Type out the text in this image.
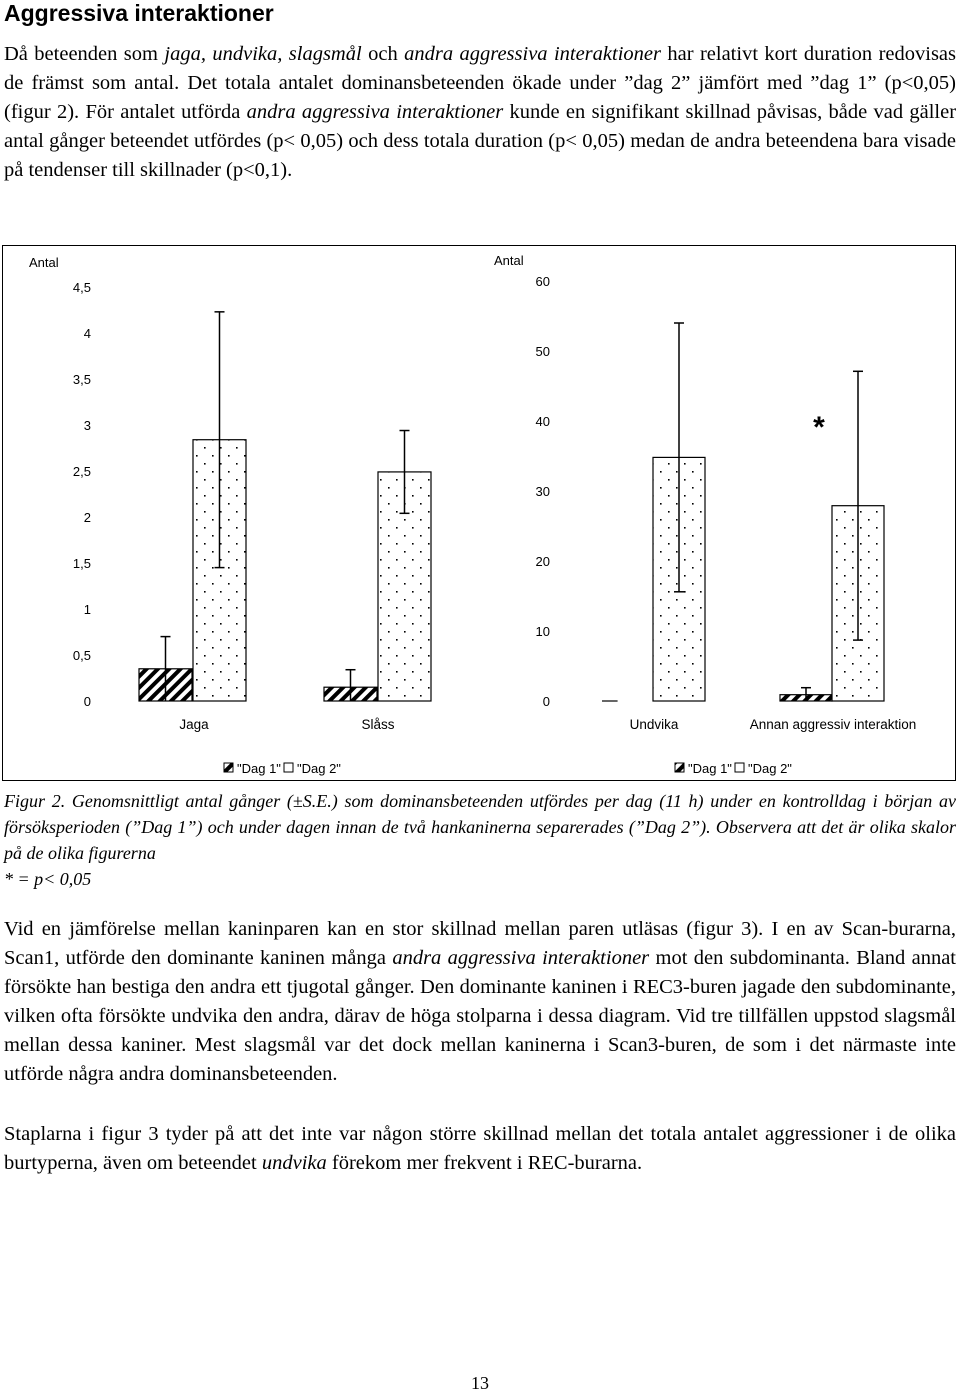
Aggressiva interaktioner

Då beteenden som jaga, undvika, slagsmål och andra aggressiva interaktioner har relativt kort duration redovisas de främst som antal. Det totala antalet dominansbeteenden ökade under ”dag 2” jämfört med ”dag 1” (p<0,05) (figur 2). För antalet utförda andra aggressiva interaktioner kunde en signifikant skillnad påvisas, både vad gäller antal gånger beteendet utfördes (p< 0,05) och dess totala duration (p< 0,05) medan de andra beteendena bara visade på tendenser till skillnader (p<0,1).

Antal
0
0,5
1
1,5
2
2,5
3
3,5
4
4,5
Jaga	Slåss
"Dag 1" "Dag 2"
Antal
0
10
20
30
40
50
60
*
Undvika	Annan aggressiv interaktion
"Dag 1" "Dag 2"
Figur 2. Genomsnittligt antal gånger (±S.E.) som dominansbeteenden utfördes per dag (11 h) under en kontrolldag i början av försöksperioden (”Dag 1”) och under dagen innan de två hankaninerna separerades (”Dag 2”). Observera att det är olika skalor på de olika figurerna
* = p< 0,05

Vid en jämförelse mellan kaninparen kan en stor skillnad mellan paren utläsas (figur 3). I en av Scan-burarna, Scan1, utförde den dominante kaninen många andra aggressiva interaktioner mot den subdominanta. Bland annat försökte han bestiga den andra ett tjugotal gånger. Den dominante kaninen i REC3-buren jagade den subdominante, vilken ofta försökte undvika den andra, därav de höga stolparna i dessa diagram. Vid tre tillfällen uppstod slagsmål mellan dessa kaniner. Mest slagsmål var det dock mellan kaninerna i Scan3-buren, de som i det närmaste inte utförde några andra dominansbeteenden.

Staplarna i figur 3 tyder på att det inte var någon större skillnad mellan det totala antalet aggressioner i de olika burtyperna, även om beteendet undvika förekom mer frekvent i REC-burarna.

13
